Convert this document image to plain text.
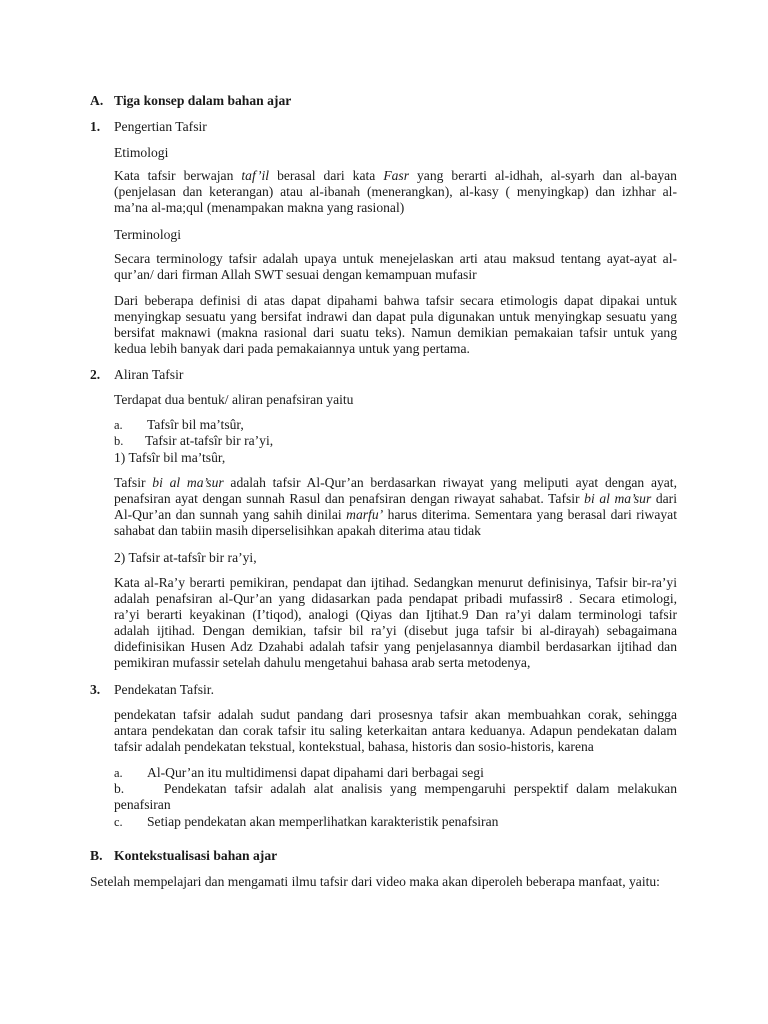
A. Tiga konsep dalam bahan ajar
1. Pengertian Tafsir
Etimologi

Kata tafsir berwajan taf’il berasal dari kata Fasr yang berarti al-idhah, al-syarh dan al-bayan

(penjelasan dan keterangan) atau al-ibanah (menerangkan), al-kasy ( menyingkap) dan izhhar al-

ma’na al-ma;qul (menampakan makna yang rasional)

Terminologi

Secara terminology tafsir adalah upaya untuk menejelaskan arti atau maksud tentang ayat-ayat al-

qur’an/ dari firman Allah SWT sesuai dengan kemampuan mufasir

Dari beberapa definisi di atas dapat dipahami bahwa tafsir secara etimologis dapat dipakai untuk

menyingkap sesuatu yang bersifat indrawi dan dapat pula digunakan untuk menyingkap sesuatu yang

bersifat maknawi (makna rasional dari suatu teks). Namun demikian pemakaian tafsir untuk yang

kedua lebih banyak dari pada pemakaiannya untuk yang pertama.

2. Aliran Tafsir
Terdapat dua bentuk/ aliran penafsiran yaitu
a. Tafsîr bil ma’tsûr,
b. Tafsir at-tafsîr bir ra’yi,
1) Tafsîr bil ma’tsûr,

Tafsir bi al ma’sur adalah tafsir Al-Qur’an berdasarkan riwayat yang meliputi ayat dengan ayat,

penafsiran ayat dengan sunnah Rasul dan penafsiran dengan riwayat sahabat. Tafsir bi al ma’sur dari

Al-Qur’an dan sunnah yang sahih dinilai marfu’ harus diterima. Sementara yang berasal dari riwayat

sahabat dan tabiin masih diperselisihkan apakah diterima atau tidak

2) Tafsir at-tafsîr bir ra’yi,

Kata al-Ra’y berarti pemikiran, pendapat dan ijtihad. Sedangkan menurut definisinya, Tafsir bir-ra’yi

adalah penafsiran al-Qur’an yang didasarkan pada pendapat pribadi mufassir8 . Secara etimologi,

ra’yi berarti keyakinan (I’tiqod), analogi (Qiyas dan Ijtihat.9 Dan ra’yi dalam terminologi tafsir

adalah ijtihad. Dengan demikian, tafsir bil ra’yi (disebut juga tafsir bi al-dirayah) sebagaimana

didefinisikan Husen Adz Dzahabi adalah tafsir yang penjelasannya diambil berdasarkan ijtihad dan

pemikiran mufassir setelah dahulu mengetahui bahasa arab serta metodenya,

3. Pendekatan Tafsir.

pendekatan tafsir adalah sudut pandang dari prosesnya tafsir akan membuahkan corak, sehingga

antara pendekatan dan corak tafsir itu saling keterkaitan antara keduanya. Adapun pendekatan dalam

tafsir adalah pendekatan tekstual, kontekstual, bahasa, historis dan sosio-historis, karena

a. Al-Qur’an itu multidimensi dapat dipahami dari berbagai segi

b.	Pendekatan tafsir adalah alat analisis yang mempengaruhi perspektif dalam melakukan

penafsiran

c. Setiap pendekatan akan memperlihatkan karakteristik penafsiran
B. Kontekstualisasi bahan ajar
Setelah mempelajari dan mengamati ilmu tafsir dari video maka akan diperoleh beberapa manfaat, yaitu:
